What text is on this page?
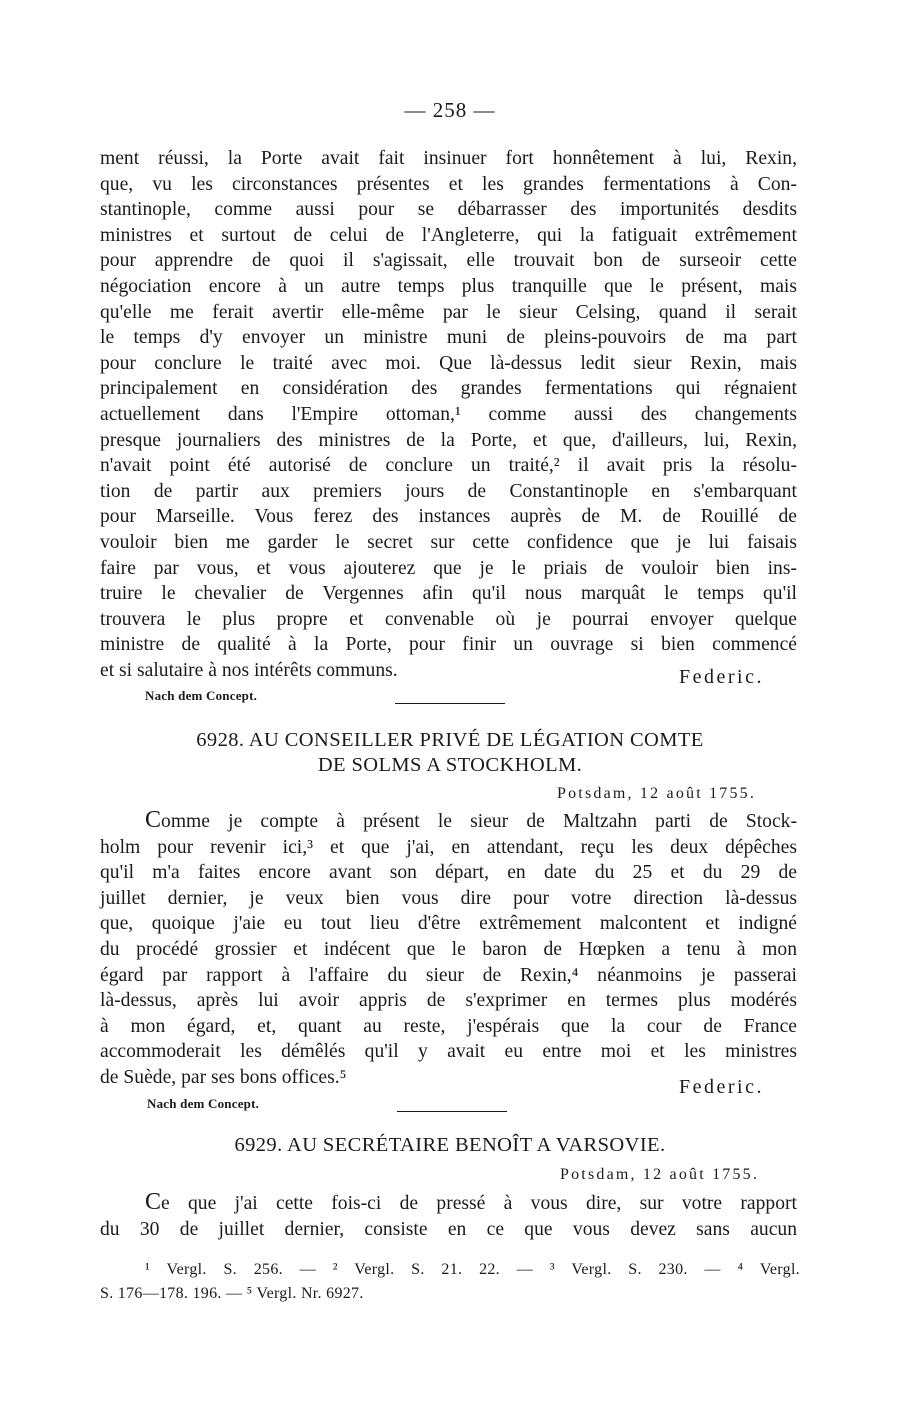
— 258 —
ment réussi, la Porte avait fait insinuer fort honnêtement à lui, Rexin,
que, vu les circonstances présentes et les grandes fermentations à Con-
stantinople, comme aussi pour se débarrasser des importunités desdits
ministres et surtout de celui de l'Angleterre, qui la fatiguait extrêmement
pour apprendre de quoi il s'agissait, elle trouvait bon de surseoir cette
négociation encore à un autre temps plus tranquille que le présent, mais
qu'elle me ferait avertir elle-même par le sieur Celsing, quand il serait
le temps d'y envoyer un ministre muni de pleins-pouvoirs de ma part
pour conclure le traité avec moi. Que là-dessus ledit sieur Rexin, mais
principalement en considération des grandes fermentations qui régnaient
actuellement dans l'Empire ottoman,¹ comme aussi des changements
presque journaliers des ministres de la Porte, et que, d'ailleurs, lui, Rexin,
n'avait point été autorisé de conclure un traité,² il avait pris la résolu-
tion de partir aux premiers jours de Constantinople en s'embarquant
pour Marseille. Vous ferez des instances auprès de M. de Rouillé de
vouloir bien me garder le secret sur cette confidence que je lui faisais
faire par vous, et vous ajouterez que je le priais de vouloir bien ins-
truire le chevalier de Vergennes afin qu'il nous marquât le temps qu'il
trouvera le plus propre et convenable où je pourrai envoyer quelque
ministre de qualité à la Porte, pour finir un ouvrage si bien commencé
et si salutaire à nos intérêts communs.	Federic.
Nach dem Concept.
6928. AU CONSEILLER PRIVÉ DE LÉGATION COMTE
DE SOLMS A STOCKHOLM.
Potsdam, 12 août 1755.
Comme je compte à présent le sieur de Maltzahn parti de Stock-
holm pour revenir ici,³ et que j'ai, en attendant, reçu les deux dépêches
qu'il m'a faites encore avant son départ, en date du 25 et du 29 de
juillet dernier, je veux bien vous dire pour votre direction là-dessus
que, quoique j'aie eu tout lieu d'être extrêmement malcontent et indigné
du procédé grossier et indécent que le baron de Hœpken a tenu à mon
égard par rapport à l'affaire du sieur de Rexin,⁴ néanmoins je passerai
là-dessus, après lui avoir appris de s'exprimer en termes plus modérés
à mon égard, et, quant au reste, j'espérais que la cour de France
accommoderait les démêlés qu'il y avait eu entre moi et les ministres
de Suède, par ses bons offices.⁵	Federic.
Nach dem Concept.
6929. AU SECRÉTAIRE BENOÎT A VARSOVIE.
Potsdam, 12 août 1755.
Ce que j'ai cette fois-ci de pressé à vous dire, sur votre rapport
du 30 de juillet dernier, consiste en ce que vous devez sans aucun
¹ Vergl. S. 256. — ² Vergl. S. 21. 22. — ³ Vergl. S. 230. — ⁴ Vergl.
S. 176—178. 196. — ⁵ Vergl. Nr. 6927.
